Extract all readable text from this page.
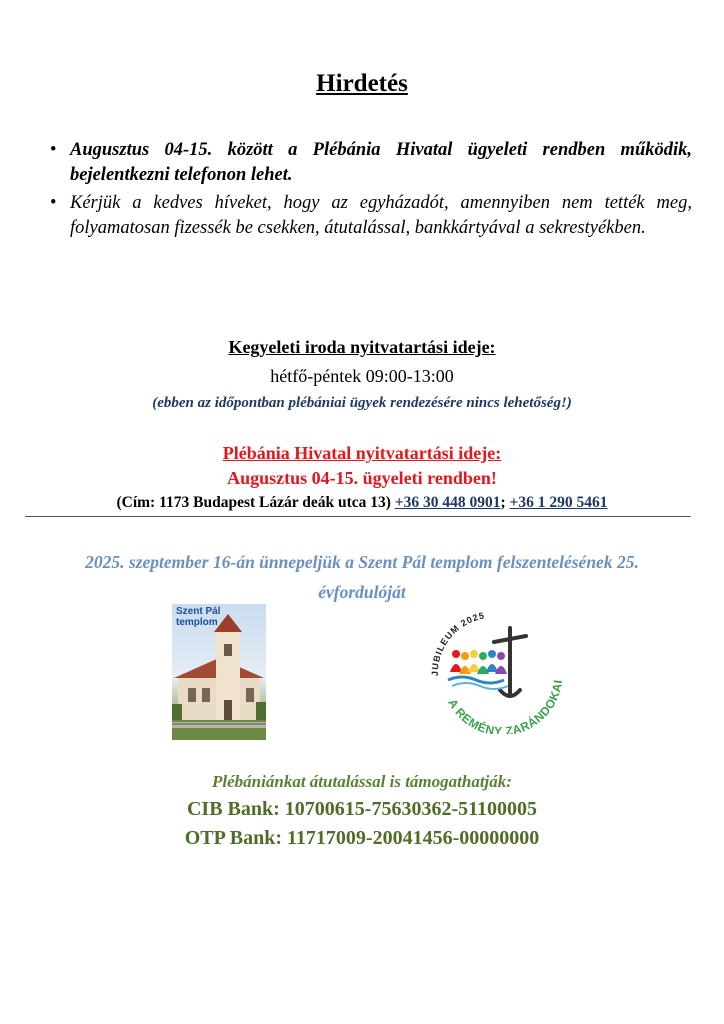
Hirdetés
• Augusztus 04-15. között a Plébánia Hivatal ügyeleti rendben működik, bejelentkezni telefonon lehet.
• Kérjük a kedves híveket, hogy az egyházadót, amennyiben nem tették meg, folyamatosan fizessék be csekken, átutalással, bankkártyával a sekrestyékben.
Kegyeleti iroda nyitvatartási ideje:
hétfő-péntek 09:00-13:00
(ebben az időpontban plébániai ügyek rendezésére nincs lehetőség!)
Plébánia Hivatal nyitvatartási ideje:
Augusztus 04-15. ügyeleti rendben!
(Cím: 1173 Budapest Lázár deák utca 13) +36 30 448 0901; +36 1 290 5461
2025. szeptember 16-án ünnepeljük a Szent Pál templom felszentelésének 25. évfordulóját
Szent Pál
templom
JUBILEUM 2025
A REMÉNY ZARÁNDOKAI
Plébániánkat átutalással is támogathatják:
CIB Bank: 10700615-75630362-51100005
OTP Bank: 11717009-20041456-00000000
